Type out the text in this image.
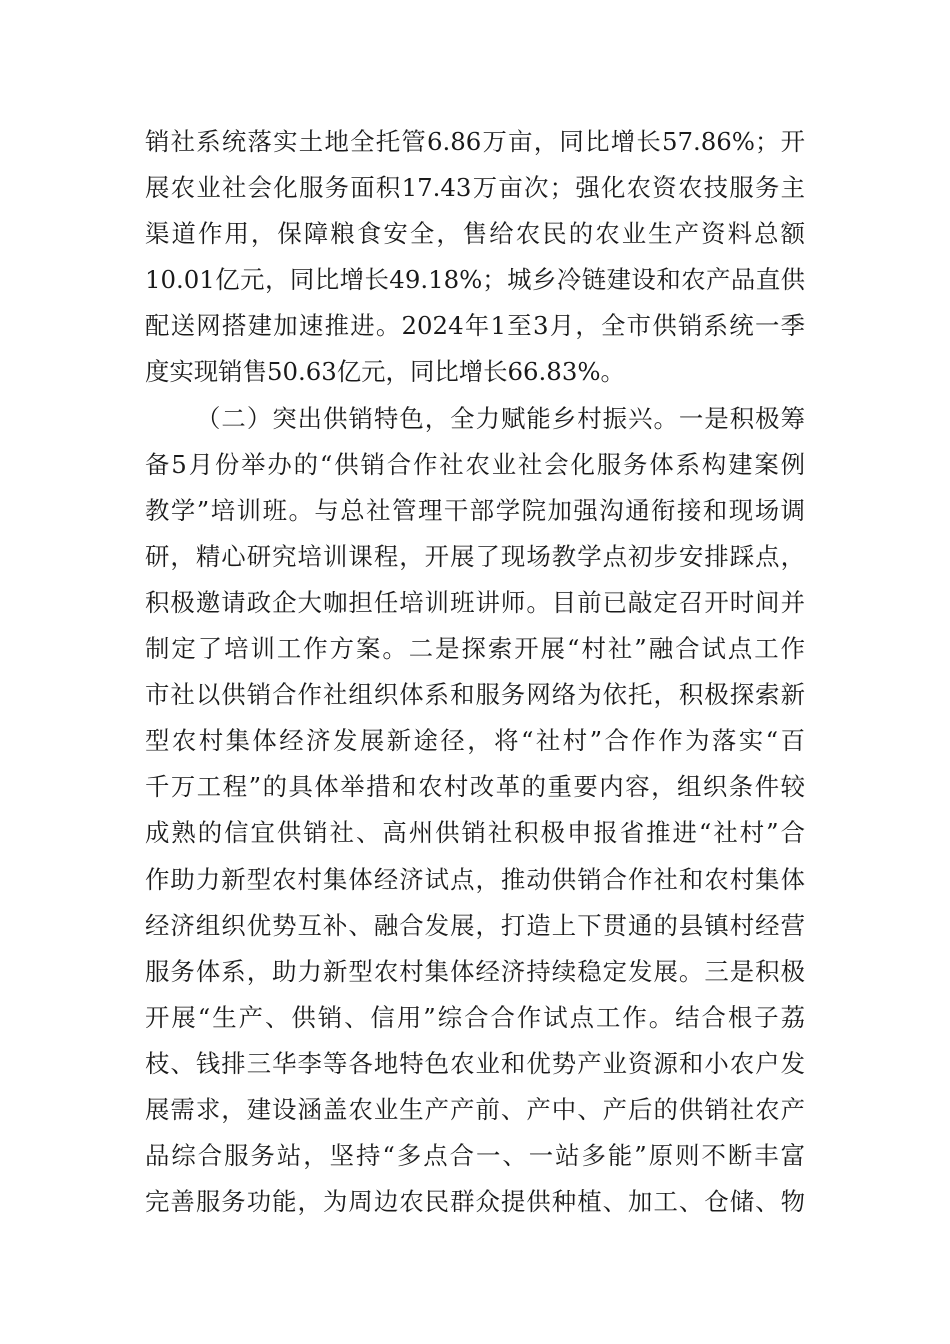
销社系统落实土地全托管6.86万亩，同比增长57.86%；开
展农业社会化服务面积17.43万亩次；强化农资农技服务主
渠道作用，保障粮食安全，售给农民的农业生产资料总额
10.01亿元，同比增长49.18%；城乡冷链建设和农产品直供
配送网搭建加速推进。2024年1至3月，全市供销系统一季
度实现销售50.63亿元，同比增长66.83%。
（二）突出供销特色，全力赋能乡村振兴。一是积极筹
备5月份举办的“供销合作社农业社会化服务体系构建案例
教学”培训班。与总社管理干部学院加强沟通衔接和现场调
研，精心研究培训课程，开展了现场教学点初步安排踩点，
积极邀请政企大咖担任培训班讲师。目前已敲定召开时间并
制定了培训工作方案。二是探索开展“村社”融合试点工作
市社以供销合作社组织体系和服务网络为依托，积极探索新
型农村集体经济发展新途径，将“社村”合作作为落实“百
千万工程”的具体举措和农村改革的重要内容，组织条件较
成熟的信宜供销社、高州供销社积极申报省推进“社村”合
作助力新型农村集体经济试点，推动供销合作社和农村集体
经济组织优势互补、融合发展，打造上下贯通的县镇村经营
服务体系，助力新型农村集体经济持续稳定发展。三是积极
开展“生产、供销、信用”综合合作试点工作。结合根子荔
枝、钱排三华李等各地特色农业和优势产业资源和小农户发
展需求，建设涵盖农业生产产前、产中、产后的供销社农产
品综合服务站，坚持“多点合一、一站多能”原则不断丰富
完善服务功能，为周边农民群众提供种植、加工、仓储、物
